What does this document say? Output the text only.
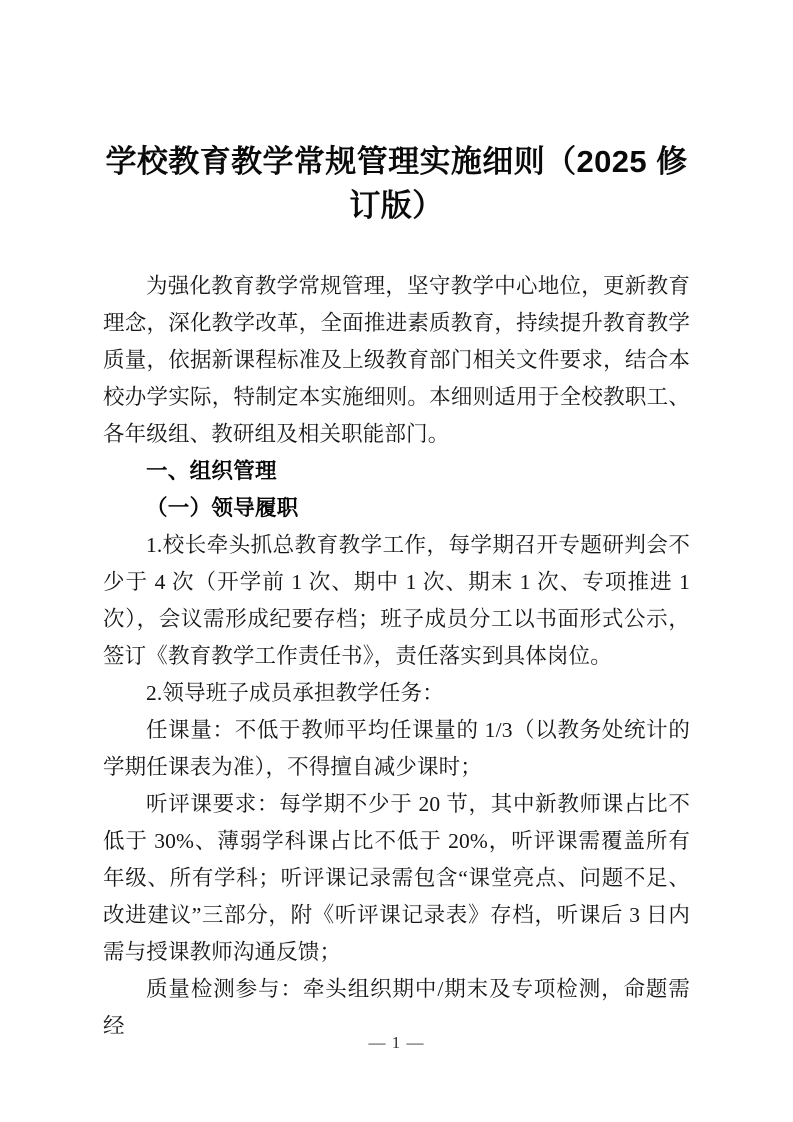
学校教育教学常规管理实施细则（2025 修订版）

为强化教育教学常规管理，坚守教学中心地位，更新教育理念，深化教学改革，全面推进素质教育，持续提升教育教学质量，依据新课程标准及上级教育部门相关文件要求，结合本校办学实际，特制定本实施细则。本细则适用于全校教职工、各年级组、教研组及相关职能部门。

一、组织管理

（一）领导履职

1.校长牵头抓总教育教学工作，每学期召开专题研判会不少于 4 次（开学前 1 次、期中 1 次、期末 1 次、专项推进 1 次），会议需形成纪要存档；班子成员分工以书面形式公示，签订《教育教学工作责任书》，责任落实到具体岗位。

2.领导班子成员承担教学任务：

任课量：不低于教师平均任课量的 1/3（以教务处统计的学期任课表为准），不得擅自减少课时；

听评课要求：每学期不少于 20 节，其中新教师课占比不低于 30%、薄弱学科课占比不低于 20%，听评课需覆盖所有年级、所有学科；听评课记录需包含“课堂亮点、问题不足、改进建议”三部分，附《听评课记录表》存档，听课后 3 日内需与授课教师沟通反馈；

质量检测参与：牵头组织期中/期末及专项检测，命题需经

— 1 —
